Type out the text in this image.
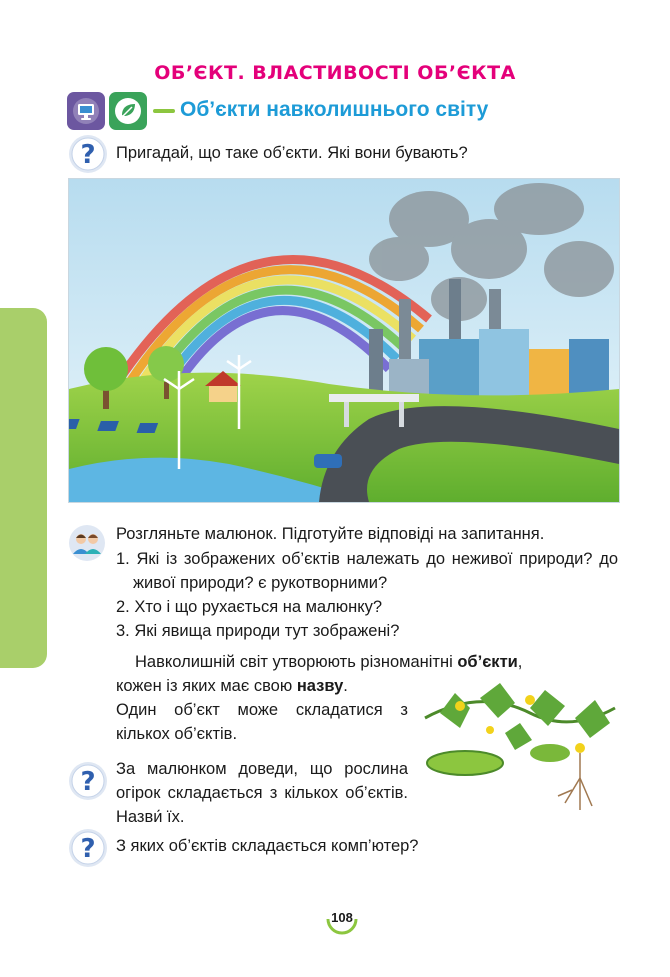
ОБ’ЄКТ. ВЛАСТИВОСТІ ОБ’ЄКТА
Об’єкти навколишнього світу
? Пригадай, що таке об’єкти. Які вони бувають?
Розгляньте малюнок. Підготуйте відповіді на запитання.
1. Які із зображених об’єктів належать до неживої природи? до живої природи? є рукотворними?
2. Хто і що рухається на малюнку?
3. Які явища природи тут зображені?
Навколишній світ утворюють різноманітні об’єкти,
кожен із яких має свою назву.
Один об’єкт може складатися з кількох об’єктів.
? За малюнком доведи, що рослина огірок складається з кількох об’єктів. Назви́ їх.
? З яких об’єктів складається комп’ютер?
108
